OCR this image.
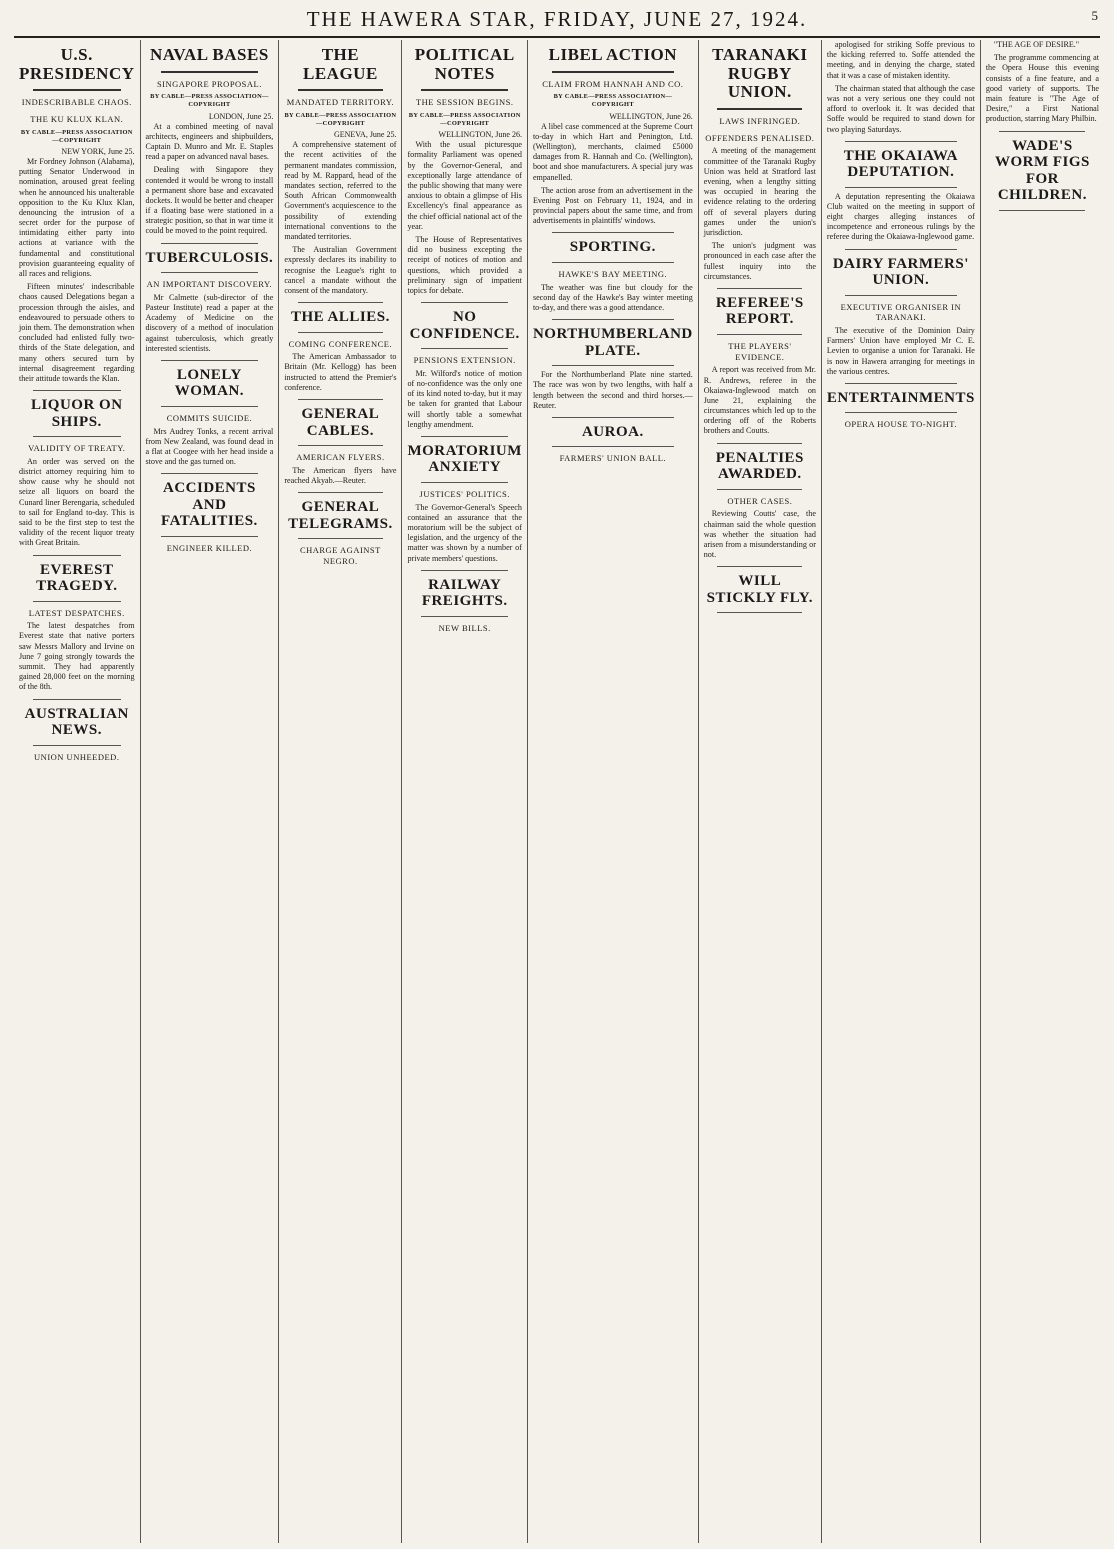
THE HAWERA STAR, FRIDAY, JUNE 27, 1924.	5
U.S. PRESIDENCY
INDESCRIBABLE CHAOS.
THE KU KLUX KLAN.
BY CABLE—PRESS ASSOCIATION—COPYRIGHT
NEW YORK, June 25.

Mr Fordney Johnson (Alabama), putting Senator Underwood in nomination, aroused great feeling when he announced his unalterable opposition to the Ku Klux Klan, denouncing the intrusion of a secret order for the purpose of intimidating either party into actions at variance with the fundamental and constitutional provision guaranteeing equality of all races and religions.

Fifteen minutes' indescribable chaos caused Delegations began a procession through the aisles, and endeavoured to persuade others to join them. The demonstration when concluded had enlisted fully two-thirds of the State delegation, and many others secured turn by internal disagreement regarding their attitude towards the Klan.

LIQUOR ON SHIPS.
VALIDITY OF TREATY.

An order was served on the district attorney requiring him to show cause why he should not seize all liquors on board the Cunard liner Berengaria, scheduled to sail for England to-day. This is said to be the first step to test the validity of the recent liquor treaty with Great Britain.

EVEREST TRAGEDY.
LATEST DESPATCHES.

The latest despatches from Everest state that native porters saw Messrs Mallory and Irvine on June 7 going strongly towards the summit. They had apparently gained 28,000 feet on the morning of the 8th.

AUSTRALIAN NEWS.
UNION UNHEEDED.
NAVAL BASES
SINGAPORE PROPOSAL.
BY CABLE—PRESS ASSOCIATION—COPYRIGHT
LONDON, June 25.

At a combined meeting of naval architects, engineers and shipbuilders, Captain D. Munro and Mr. E. Staples read a paper on advanced naval bases.

Dealing with Singapore they contended it would be wrong to install a permanent shore base and excavated dockets. It would be better and cheaper if a floating base were stationed in a strategic position, so that in war time it could be moved to the point required.

TUBERCULOSIS.
AN IMPORTANT DISCOVERY.

Mr Calmette (sub-director of the Pasteur Institute) read a paper at the Academy of Medicine on the discovery of a method of inoculation against tuberculosis, which greatly interested scientists.

LONELY WOMAN.
COMMITS SUICIDE.

Mrs Audrey Tonks, a recent arrival from New Zealand, was found dead in a flat at Coogee with her head inside a stove and the gas turned on.

ACCIDENTS AND FATALITIES.
ENGINEER KILLED.
THE LEAGUE
MANDATED TERRITORY.
BY CABLE—PRESS ASSOCIATION—COPYRIGHT
GENEVA, June 25.

A comprehensive statement of the recent activities of the permanent mandates commission, read by M. Rappard, head of the mandates section, referred to the South African Commonwealth Government's acquiescence to the possibility of extending international conventions to the mandated territories.

The Australian Government expressly declares its inability to recognise the League's right to cancel a mandate without the consent of the mandatory.

THE ALLIES.
COMING CONFERENCE.

The American Ambassador to Britain (Mr. Kellogg) has been instructed to attend the Premier's conference.

GENERAL CABLES.
AMERICAN FLYERS.

The American flyers have reached Akyab.—Reuter.

GENERAL TELEGRAMS.
CHARGE AGAINST NEGRO.
POLITICAL NOTES
THE SESSION BEGINS.
BY CABLE—PRESS ASSOCIATION—COPYRIGHT
WELLINGTON, June 26.

With the usual picturesque formality Parliament was opened by the Governor-General, and exceptionally large attendance of the public showing that many were anxious to obtain a glimpse of His Excellency's final appearance as the chief official national act of the year.

The House of Representatives did no business excepting the receipt of notices of motion and questions, which provided a preliminary sign of impatient topics for debate.

NO CONFIDENCE.
PENSIONS EXTENSION.

Mr. Wilford's notice of motion of no-confidence was the only one of its kind noted to-day, but it may be taken for granted that Labour will shortly table a somewhat lengthy amendment.

MORATORIUM ANXIETY
JUSTICES' POLITICS.

The Governor-General's Speech contained an assurance that the moratorium will be the subject of legislation, and the urgency of the matter was shown by a number of private members' questions.

RAILWAY FREIGHTS.
NEW BILLS.
LIBEL ACTION
CLAIM FROM HANNAH AND CO.
BY CABLE—PRESS ASSOCIATION—COPYRIGHT
WELLINGTON, June 26.

A libel case commenced at the Supreme Court to-day in which Hart and Penington, Ltd. (Wellington), merchants, claimed £5000 damages from R. Hannah and Co. (Wellington), boot and shoe manufacturers. A special jury was empanelled.

The action arose from an advertisement in the Evening Post on February 11, 1924, and in provincial papers about the same time, and from advertisements in plaintiffs' windows.

SPORTING.
HAWKE'S BAY MEETING.

The weather was fine but cloudy for the second day of the Hawke's Bay winter meeting to-day, and there was a good attendance.

NORTHUMBERLAND PLATE.

For the Northumberland Plate nine started. The race was won by two lengths, with half a length between the second and third horses.—Reuter.

AUROA.
FARMERS' UNION BALL.
TARANAKI RUGBY UNION.
LAWS INFRINGED.
OFFENDERS PENALISED.

A meeting of the management committee of the Taranaki Rugby Union was held at Stratford last evening, when a lengthy sitting was occupied in hearing the evidence relating to the ordering off of several players during games under the union's jurisdiction.

The union's judgment was pronounced in each case after the fullest inquiry into the circumstances.

REFEREE'S REPORT.
THE PLAYERS' EVIDENCE.

A report was received from Mr. R. Andrews, referee in the Okaiawa-Inglewood match on June 21, explaining the circumstances which led up to the ordering off of the Roberts brothers and Coutts.

PENALTIES AWARDED.
OTHER CASES.

Reviewing Coutts' case, the chairman said the whole question was whether the situation had arisen from a misunderstanding or not.

WILL STICKLY FLY.

apologised for striking Soffe previous to the kicking referred to. Soffe attended the meeting, and in denying the charge, stated that it was a case of mistaken identity.

The chairman stated that although the case was not a very serious one they could not afford to overlook it. It was decided that Soffe would be required to stand down for two playing Saturdays.

THE OKAIAWA DEPUTATION.

A deputation representing the Okaiawa Club waited on the meeting in support of eight charges alleging instances of incompetence and erroneous rulings by the referee during the Okaiawa-Inglewood game.

DAIRY FARMERS' UNION.
EXECUTIVE ORGANISER IN TARANAKI.

The executive of the Dominion Dairy Farmers' Union have employed Mr C. E. Levien to organise a union for Taranaki. He is now in Hawera arranging for meetings in the various centres.

ENTERTAINMENTS
OPERA HOUSE TO-NIGHT.

"THE AGE OF DESIRE."

The programme commencing at the Opera House this evening consists of a fine feature, and a good variety of supports. The main feature is "The Age of Desire," a First National production, starring Mary Philbin.

WADE'S WORM FIGS FOR CHILDREN.
